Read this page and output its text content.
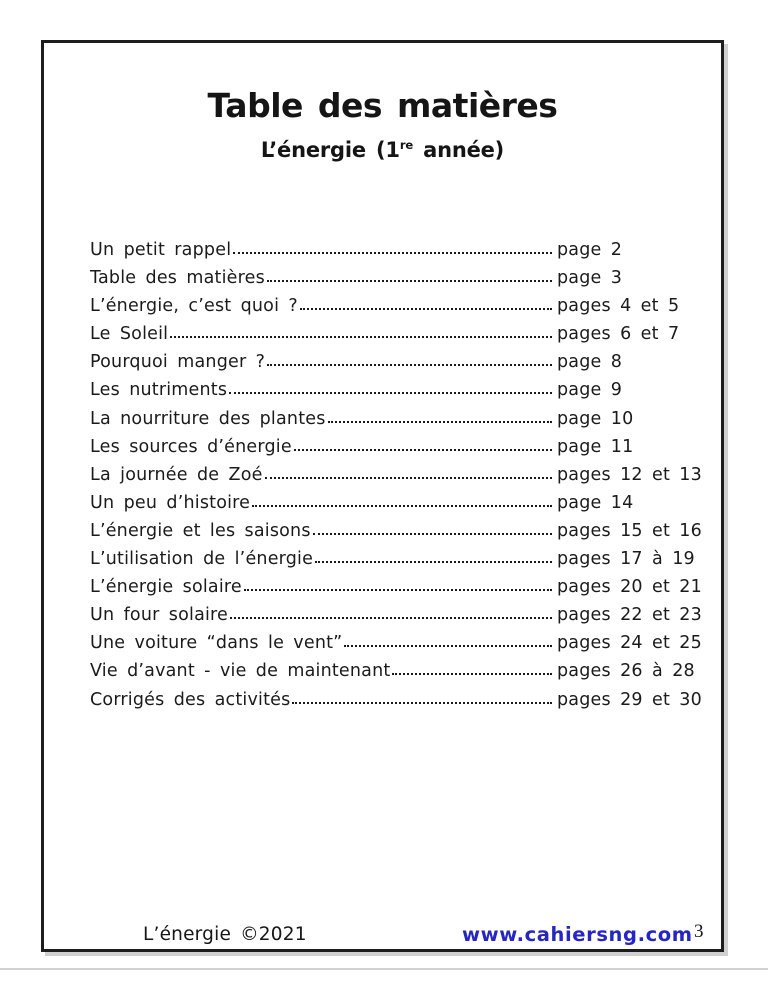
Table des matières
L’énergie (1re année)
Un petit rappel	page 2
Table des matières	page 3
L’énergie, c’est quoi ?	pages 4 et 5
Le Soleil	pages 6 et 7
Pourquoi manger ?	page 8
Les nutriments	page 9
La nourriture des plantes	page 10
Les sources d’énergie	page 11
La journée de Zoé	pages 12 et 13
Un peu d’histoire	page 14
L’énergie et les saisons	pages 15 et 16
L’utilisation de l’énergie	pages 17 à 19
L’énergie solaire	pages 20 et 21
Un four solaire	pages 22 et 23
Une voiture “dans le vent”	pages 24 et 25
Vie d’avant - vie de maintenant	pages 26 à 28
Corrigés des activités	pages 29 et 30
L’énergie ©2021	www.cahiersng.com 3
